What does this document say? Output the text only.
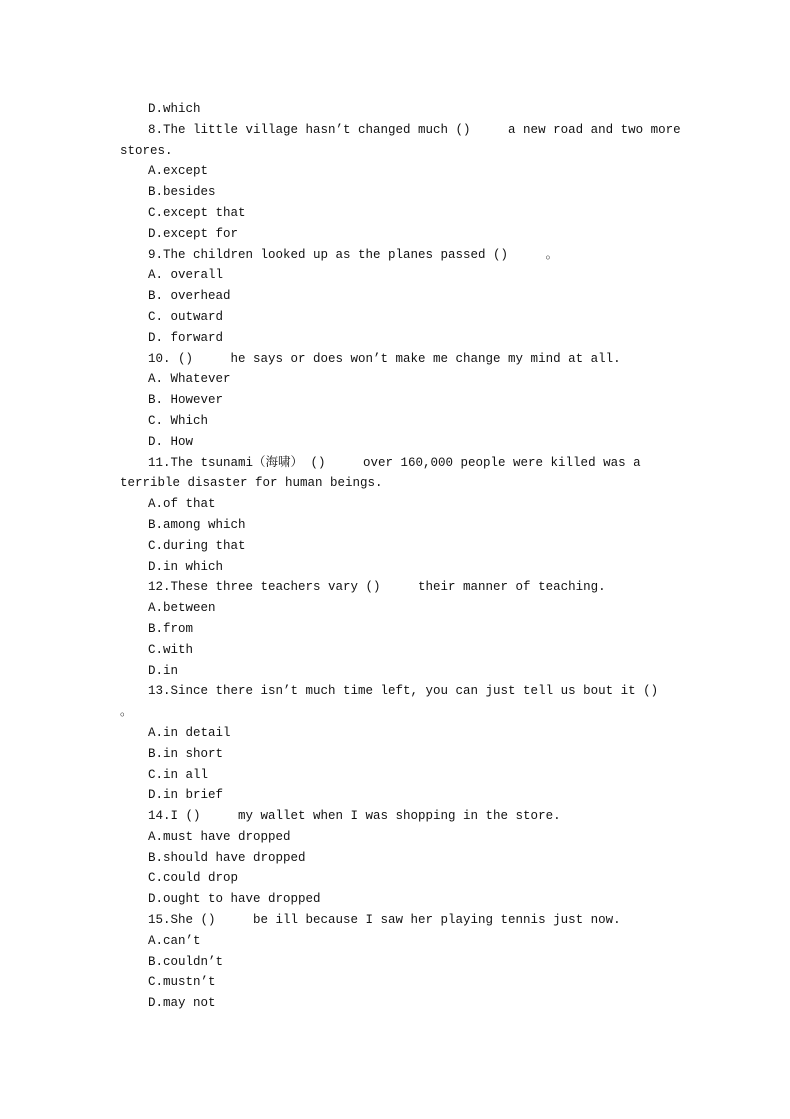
D.which
8.The little village hasn’t changed much ()     a new road and two more
stores.
A.except
B.besides
C.except that
D.except for
9.The children looked up as the planes passed ()     。
A. overall
B. overhead
C. outward
D. forward
10. ()     he says or does won’t make me change my mind at all.
A. Whatever
B. However
C. Which
D. How
11.The tsunami（海啸） ()     over 160,000 people were killed was a
terrible disaster for human beings.
A.of that
B.among which
C.during that
D.in which
12.These three teachers vary ()     their manner of teaching.
A.between
B.from
C.with
D.in
13.Since there isn’t much time left, you can just tell us bout it ()
。
A.in detail
B.in short
C.in all
D.in brief
14.I ()     my wallet when I was shopping in the store.
A.must have dropped
B.should have dropped
C.could drop
D.ought to have dropped
15.She ()     be ill because I saw her playing tennis just now.
A.can’t
B.couldn’t
C.mustn’t
D.may not
